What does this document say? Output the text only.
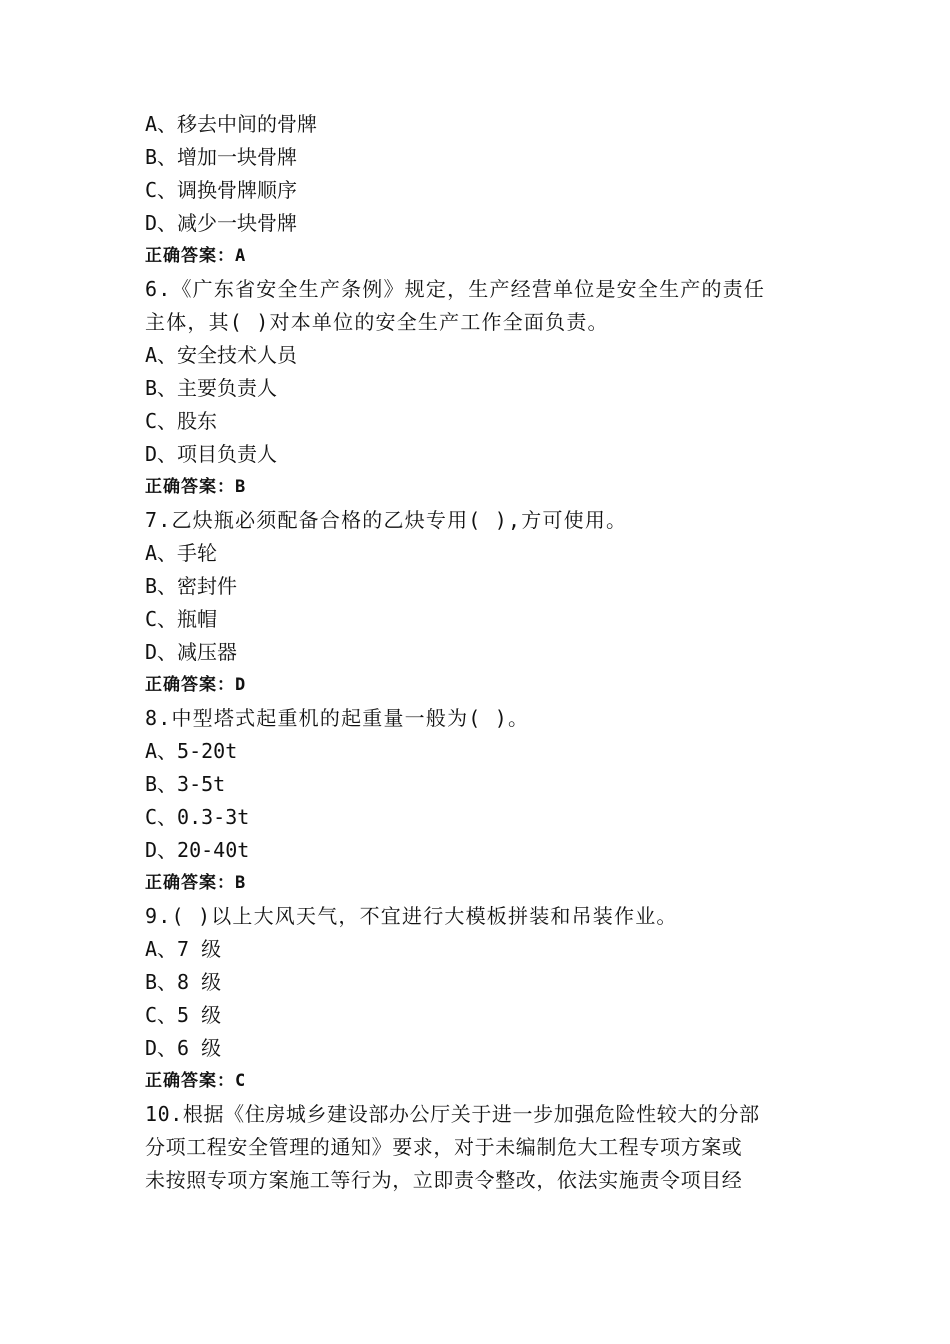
A、移去中间的骨牌
B、增加一块骨牌
C、调换骨牌顺序
D、减少一块骨牌
正确答案：A
6.《广东省安全生产条例》规定，生产经营单位是安全生产的责任
主体，其( )对本单位的安全生产工作全面负责。
A、安全技术人员
B、主要负责人
C、股东
D、项目负责人
正确答案：B
7.乙炔瓶必须配备合格的乙炔专用( ),方可使用。
A、手轮
B、密封件
C、瓶帽
D、减压器
正确答案：D
8.中型塔式起重机的起重量一般为( )。
A、5-20t
B、3-5t
C、0.3-3t
D、20-40t
正确答案：B
9.( )以上大风天气，不宜进行大模板拼装和吊装作业。
A、7 级
B、8 级
C、5 级
D、6 级
正确答案：C
10.根据《住房城乡建设部办公厅关于进一步加强危险性较大的分部
分项工程安全管理的通知》要求，对于未编制危大工程专项方案或
未按照专项方案施工等行为，立即责令整改，依法实施责令项目经
